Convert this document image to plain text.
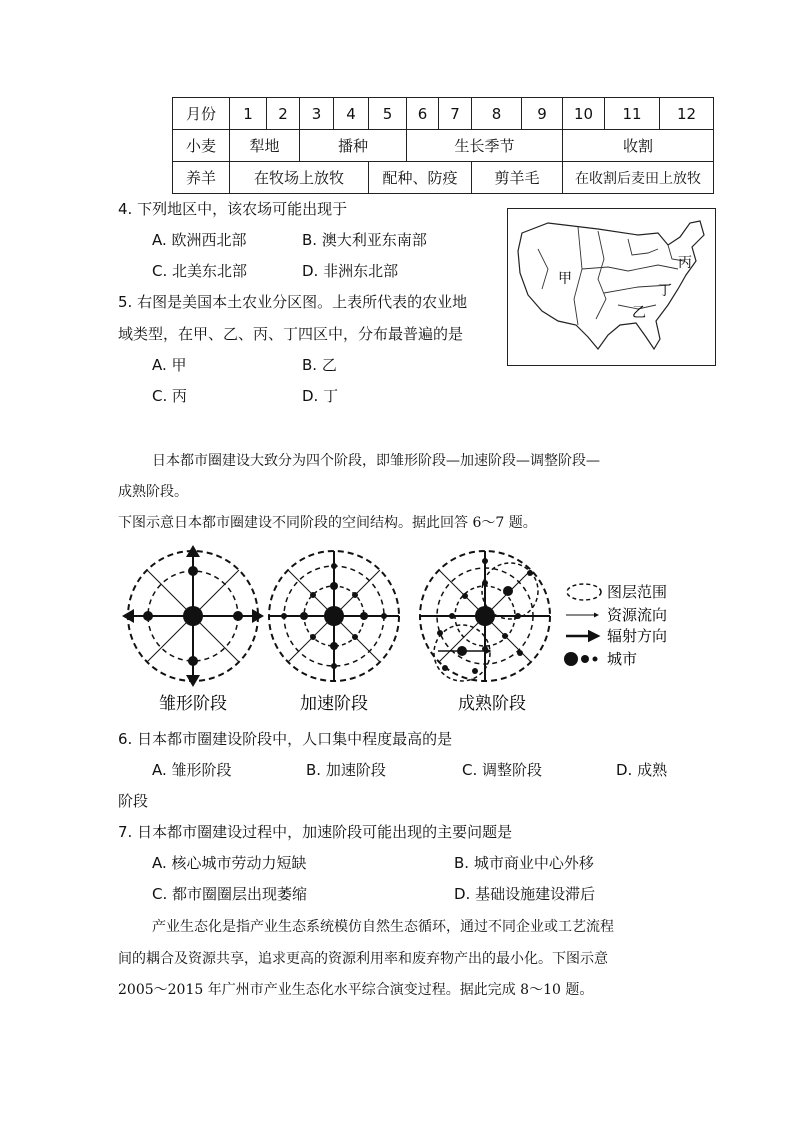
月份	1	2	3	4	5	6	7	8	9	10	11	12
小麦	犁地		播种			生长季节				收割		
养羊	在牧场上放牧				配种、防疫			剪羊毛		在收割后麦田上放牧		
4. 下列地区中，该农场可能出现于
A. 欧洲西北部	B. 澳大利亚东南部
C. 北美东北部	D. 非洲东北部
5. 右图是美国本土农业分区图。上表所代表的农业地
域类型，在甲、乙、丙、丁四区中，分布最普遍的是
A. 甲	B. 乙
C. 丙	D. 丁
甲
乙
丙
丁
日本都市圈建设大致分为四个阶段，即雏形阶段—加速阶段—调整阶段—
成熟阶段。
下图示意日本都市圈建设不同阶段的空间结构。据此回答 6～7 题。
图层范围
资源流向
辐射方向
城市
雏形阶段	加速阶段	成熟阶段
6. 日本都市圈建设阶段中，人口集中程度最高的是
A. 雏形阶段	B. 加速阶段	C. 调整阶段	D. 成熟
阶段
7. 日本都市圈建设过程中，加速阶段可能出现的主要问题是
A. 核心城市劳动力短缺	B. 城市商业中心外移
C. 都市圈圈层出现萎缩	D. 基础设施建设滞后
产业生态化是指产业生态系统模仿自然生态循环，通过不同企业或工艺流程
间的耦合及资源共享，追求更高的资源利用率和废弃物产出的最小化。下图示意
2005～2015 年广州市产业生态化水平综合演变过程。据此完成 8～10 题。
